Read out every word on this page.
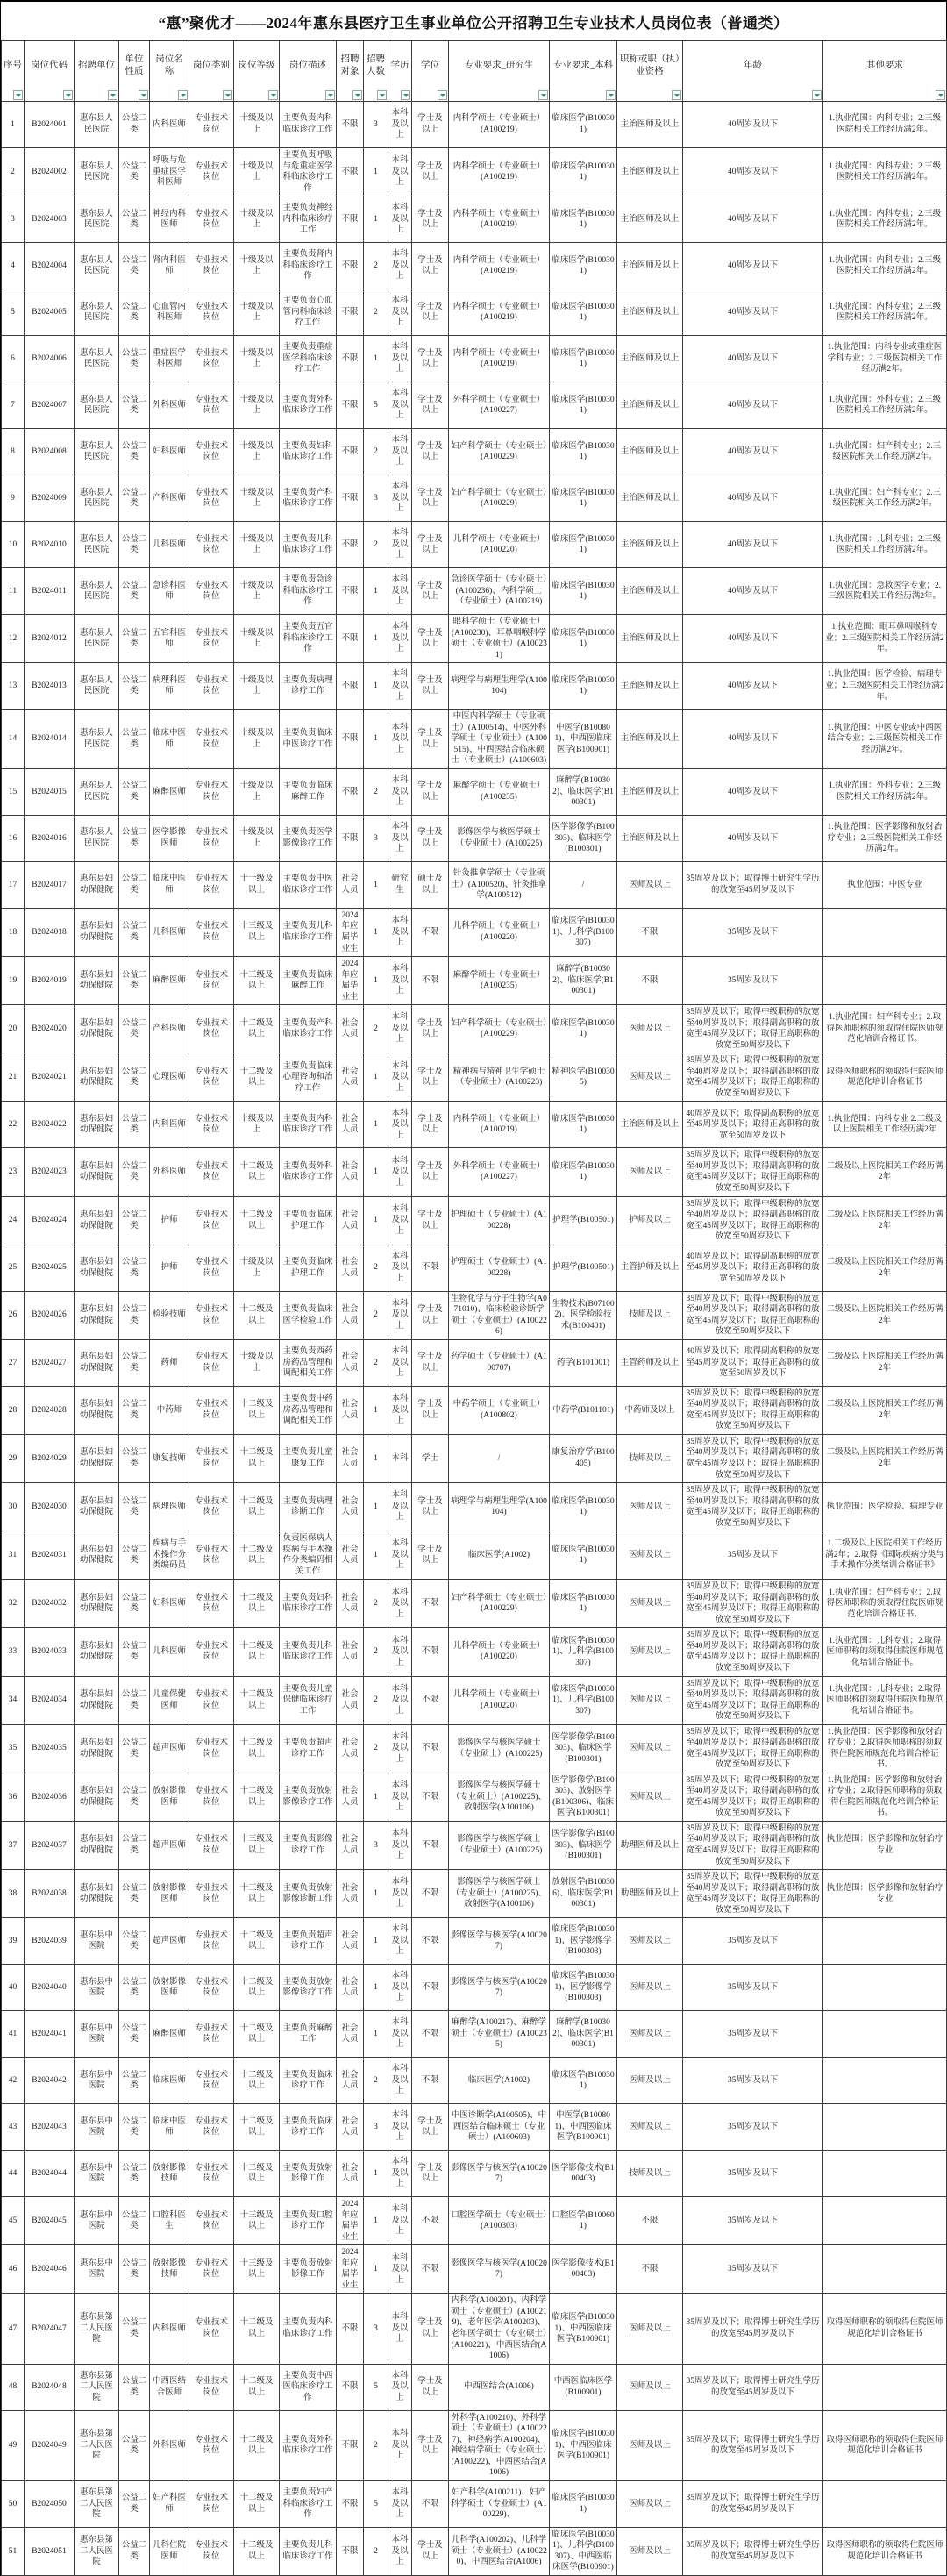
“惠”聚优才——2024年惠东县医疗卫生事业单位公开招聘卫生专业技术人员岗位表（普通类）
序号	岗位代码	招聘单位	单位性质	岗位名称	岗位类别	岗位等级	岗位描述	招聘对象	招聘人数	学历	学位	专业要求_研究生	专业要求_本科	职称或职（执）业资格	年龄	其他要求

1	B2024001	惠东县人民医院	公益二类	内科医师	专业技术岗位	十级及以上	主要负责内科临床诊疗工作	不限	3	本科及以上	学士及以上	内科学硕士（专业硕士）(A100219)	临床医学(B100301)	主治医师及以上	40周岁及以下	1.执业范围：内科专业；2.三级医院相关工作经历满2年。
2	B2024002	惠东县人民医院	公益二类	呼吸与危重症医学科医师	专业技术岗位	十级及以上	主要负责呼吸与危重症医学科临床诊疗工作	不限	1	本科及以上	学士及以上	内科学硕士（专业硕士）(A100219)	临床医学(B100301)	主治医师及以上	40周岁及以下	1.执业范围：内科专业；2.三级医院相关工作经历满2年。
3	B2024003	惠东县人民医院	公益二类	神经内科医师	专业技术岗位	十级及以上	主要负责神经内科临床诊疗工作	不限	1	本科及以上	学士及以上	内科学硕士（专业硕士）(A100219)	临床医学(B100301)	主治医师及以上	40周岁及以下	1.执业范围：内科专业；2.三级医院相关工作经历满2年。
4	B2024004	惠东县人民医院	公益二类	肾内科医师	专业技术岗位	十级及以上	主要负责肾内科临床诊疗工作	不限	2	本科及以上	学士及以上	内科学硕士（专业硕士）(A100219)	临床医学(B100301)	主治医师及以上	40周岁及以下	1.执业范围：内科专业；2.三级医院相关工作经历满2年。
5	B2024005	惠东县人民医院	公益二类	心血管内科医师	专业技术岗位	十级及以上	主要负责心血管内科临床诊疗工作	不限	2	本科及以上	学士及以上	内科学硕士（专业硕士）(A100219)	临床医学(B100301)	主治医师及以上	40周岁及以下	1.执业范围：内科专业；2.三级医院相关工作经历满2年。
6	B2024006	惠东县人民医院	公益二类	重症医学科医师	专业技术岗位	十级及以上	主要负责重症医学科临床诊疗工作	不限	1	本科及以上	学士及以上	内科学硕士（专业硕士）(A100219)	临床医学(B100301)	主治医师及以上	40周岁及以下	1.执业范围：内科专业或重症医学科专业；2.三级医院相关工作经历满2年。
7	B2024007	惠东县人民医院	公益二类	外科医师	专业技术岗位	十级及以上	主要负责外科临床诊疗工作	不限	5	本科及以上	学士及以上	外科学硕士（专业硕士）(A100227)	临床医学(B100301)	主治医师及以上	40周岁及以下	1.执业范围：外科专业；2.三级医院相关工作经历满2年。
8	B2024008	惠东县人民医院	公益二类	妇科医师	专业技术岗位	十级及以上	主要负责妇科临床诊疗工作	不限	2	本科及以上	学士及以上	妇产科学硕士（专业硕士）(A100229)	临床医学(B100301)	主治医师及以上	40周岁及以下	1.执业范围：妇产科专业；2.三级医院相关工作经历满2年。
9	B2024009	惠东县人民医院	公益二类	产科医师	专业技术岗位	十级及以上	主要负责产科临床诊疗工作	不限	3	本科及以上	学士及以上	妇产科学硕士（专业硕士）(A100229)	临床医学(B100301)	主治医师及以上	40周岁及以下	1.执业范围：妇产科专业；2.三级医院相关工作经历满2年。
10	B2024010	惠东县人民医院	公益二类	儿科医师	专业技术岗位	十级及以上	主要负责儿科临床诊疗工作	不限	2	本科及以上	学士及以上	儿科学硕士（专业硕士）(A100220)	临床医学(B100301)	主治医师及以上	40周岁及以下	1.执业范围：儿科专业；2.三级医院相关工作经历满2年。
11	B2024011	惠东县人民医院	公益二类	急诊科医师	专业技术岗位	十级及以上	主要负责急诊科临床诊疗工作	不限	1	本科及以上	学士及以上	急诊医学硕士（专业硕士）(A100236)、内科学硕士（专业硕士）(A100219)	临床医学(B100301)	主治医师及以上	40周岁及以下	1.执业范围：急救医学专业；2.三级医院相关工作经历满2年。
12	B2024012	惠东县人民医院	公益二类	五官科医师	专业技术岗位	十级及以上	主要负责五官科临床诊疗工作	不限	1	本科及以上	学士及以上	眼科学硕士（专业硕士）(A100230)、耳鼻咽喉科学硕士（专业硕士）(A100231)	临床医学(B100301)	主治医师及以上	40周岁及以下	1.执业范围：眼耳鼻咽喉科专业；2.三级医院相关工作经历满2年。
13	B2024013	惠东县人民医院	公益二类	病理科医师	专业技术岗位	十级及以上	主要负责病理诊疗工作	不限	1	本科及以上	学士及以上	病理学与病理生理学(A100104)	临床医学(B100301)	主治医师及以上	40周岁及以下	1.执业范围：医学检验、病理专业；2.三级医院相关工作经历满2年。
14	B2024014	惠东县人民医院	公益二类	临床中医师	专业技术岗位	十级及以上	主要负责临床中医诊疗工作	不限	1	本科及以上	学士及以上	中医内科学硕士（专业硕士）(A100514)、中医外科学硕士（专业硕士）(A100515)、中西医结合临床硕士（专业硕士）(A100603)	中医学(B100801)、中西医临床医学(B100901)	主治医师及以上	40周岁及以下	1.执业范围：中医专业或中西医结合专业；2.三级医院相关工作经历满2年。
15	B2024015	惠东县人民医院	公益二类	麻醉医师	专业技术岗位	十级及以上	主要负责临床麻醉工作	不限	2	本科及以上	学士及以上	麻醉学硕士（专业硕士）(A100235)	麻醉学(B100302)、临床医学(B100301)	主治医师及以上	40周岁及以下	1.执业范围：外科专业；2.三级医院相关工作经历满2年。
16	B2024016	惠东县人民医院	公益二类	医学影像医师	专业技术岗位	十级及以上	主要负责医学影像诊疗工作	不限	3	本科及以上	学士及以上	影像医学与核医学硕士（专业硕士）(A100225)	医学影像学(B100303)、临床医学(B100301)	主治医师及以上	40周岁及以下	1.执业范围：医学影像和放射治疗专业；2.三级医院相关工作经历满2年。
17	B2024017	惠东县妇幼保健院	公益二类	临床中医师	专业技术岗位	十一级及以上	主要负责中医临床诊疗工作	社会人员	1	研究生	硕士及以上	针灸推拿学硕士（专业硕士）(A100520)、针灸推拿学(A100512)	/	医师及以上	35周岁及以下；取得博士研究生学历的放宽至45周岁及以下	执业范围：中医专业
18	B2024018	惠东县妇幼保健院	公益二类	儿科医师	专业技术岗位	十三级及以上	主要负责儿科临床诊疗工作	2024年应届毕业生	1	本科及以上	不限	儿科学硕士（专业硕士）(A100220)	临床医学(B100301)、儿科学(B100307)	不限	35周岁及以下	
19	B2024019	惠东县妇幼保健院	公益二类	麻醉医师	专业技术岗位	十三级及以上	主要负责临床麻醉工作	2024年应届毕业生	1	本科及以上	不限	麻醉学硕士（专业硕士）(A100235)	麻醉学(B100302)、临床医学(B100301)	不限	35周岁及以下	
20	B2024020	惠东县妇幼保健院	公益二类	产科医师	专业技术岗位	十二级及以上	主要负责产科临床诊疗工作	社会人员	2	本科及以上	学士及以上	妇产科学硕士（专业硕士）(A100229)	临床医学(B100301)	医师及以上	35周岁及以下；取得中级职称的放宽至40周岁及以下；取得副高职称的放宽至45周岁及以下；取得正高职称的放宽至50周岁及以下	1.执业范围：妇产科专业；2.取得医师职称的须取得住院医师规范化培训合格证书。
21	B2024021	惠东县妇幼保健院	公益二类	心理医师	专业技术岗位	十二级及以上	主要负责临床心理咨询和治疗工作	社会人员	1	本科及以上	学士及以上	精神病与精神卫生学硕士（专业硕士）(A100223)	精神医学(B100305)	医师及以上	35周岁及以下；取得中级职称的放宽至40周岁及以下；取得副高职称的放宽至45周岁及以下；取得正高职称的放宽至50周岁及以下	取得医师职称的须取得住院医师规范化培训合格证书
22	B2024022	惠东县妇幼保健院	公益二类	内科医师	专业技术岗位	十级及以上	主要负责内科临床诊疗工作	社会人员	1	本科及以上	学士及以上	内科学硕士（专业硕士）(A100219)	临床医学(B100301)	主治医师及以上	40周岁及以下；取得副高职称的放宽至45周岁及以下；取得正高职称的放宽至50周岁及以下	1.执业范围：内科专业 2.二级及以上医院相关工作经历满2年
23	B2024023	惠东县妇幼保健院	公益二类	外科医师	专业技术岗位	十二级及以上	主要负责外科临床诊疗工作	社会人员	1	本科及以上	学士及以上	外科学硕士（专业硕士）(A100227)	临床医学(B100301)	医师及以上	35周岁及以下；取得中级职称的放宽至40周岁及以下；取得副高职称的放宽至45周岁及以下；取得正高职称的放宽至50周岁及以下	二级及以上医院相关工作经历满2年
24	B2024024	惠东县妇幼保健院	公益二类	护师	专业技术岗位	十二级及以上	主要负责临床护理工作	社会人员	1	本科及以上	学士及以上	护理硕士（专业硕士）(A100228)	护理学(B100501)	护师及以上	35周岁及以下；取得中级职称的放宽至40周岁及以下；取得副高职称的放宽至45周岁及以下；取得正高职称的放宽至50周岁及以下	二级及以上医院相关工作经历满2年
25	B2024025	惠东县妇幼保健院	公益二类	护师	专业技术岗位	十级及以上	主要负责临床护理工作	社会人员	2	本科及以上	不限	护理硕士（专业硕士）(A100228)	护理学(B100501)	主管护师及以上	40周岁及以下；取得副高职称的放宽至45周岁及以下；取得正高职称的放宽至50周岁及以下	二级及以上医院相关工作经历满2年
26	B2024026	惠东县妇幼保健院	公益二类	检验技师	专业技术岗位	十二级及以上	主要负责临床医学检验工作	社会人员	2	本科及以上	学士及以上	生物化学与分子生物学(A071010)、临床检验诊断学硕士（专业硕士）(A100226)	生物技术(B071002)、医学检验技术(B100401)	技师及以上	35周岁及以下；取得中级职称的放宽至40周岁及以下；取得副高职称的放宽至45周岁及以下；取得正高职称的放宽至50周岁及以下	二级及以上医院相关工作经历满2年
27	B2024027	惠东县妇幼保健院	公益二类	药师	专业技术岗位	十级及以上	主要负责西药房药品管理和调配相关工作	社会人员	2	本科及以上	学士及以上	药学硕士（专业硕士）(A100707)	药学(B101001)	主管药师及以上	40周岁及以下；取得副高职称的放宽至45周岁及以下；取得正高职称的放宽至50周岁及以下	二级及以上医院相关工作经历满2年
28	B2024028	惠东县妇幼保健院	公益二类	中药师	专业技术岗位	十二级及以上	主要负责中药房药品管理和调配相关工作	社会人员	1	本科及以上	学士及以上	中药学硕士（专业硕士）(A100802)	中药学(B101101)	中药师及以上	35周岁及以下；取得中级职称的放宽至40周岁及以下；取得副高职称的放宽至45周岁及以下；取得正高职称的放宽至50周岁及以下	二级及以上医院相关工作经历满2年
29	B2024029	惠东县妇幼保健院	公益二类	康复技师	专业技术岗位	十二级及以上	主要负责儿童康复工作	社会人员	1	本科	学士	/	康复治疗学(B100405)	技师及以上	35周岁及以下；取得中级职称的放宽至40周岁及以下；取得副高职称的放宽至45周岁及以下；取得正高职称的放宽至50周岁及以下	二级及以上医院相关工作经历满2年
30	B2024030	惠东县妇幼保健院	公益二类	病理医师	专业技术岗位	十二级及以上	主要负责病理诊断工作	社会人员	1	本科及以上	学士及以上	病理学与病理生理学(A100104)	临床医学(B100301)	医师及以上	35周岁及以下；取得中级职称的放宽至40周岁及以下；取得副高职称的放宽至45周岁及以下；取得正高职称的放宽至50周岁及以下	执业范围：医学检验、病理专业
31	B2024031	惠东县妇幼保健院	公益二类	疾病与手术操作分类编码员	专业技术岗位	十二级及以上	负责医保病人疾病与手术操作分类编码相关工作	社会人员	1	本科及以上	学士及以上	临床医学(A1002)	临床医学(B100301)	医师及以上	35周岁及以下	1.二级及以上医院相关工作经历满2年；2.取得《国际疾病分类与手术操作分类培训合格证书》
32	B2024032	惠东县妇幼保健院	公益二类	妇科医师	专业技术岗位	十二级及以上	主要负责妇科临床诊疗工作	社会人员	2	本科及以上	不限	妇产科学硕士（专业硕士）(A100229)	临床医学(B100301)	医师及以上	35周岁及以下；取得中级职称的放宽至40周岁及以下；取得副高职称的放宽至45周岁及以下；取得正高职称的放宽至50周岁及以下	1.执业范围：妇产科专业；2.取得医师职称的须取得住院医师规范化培训合格证书。
33	B2024033	惠东县妇幼保健院	公益二类	儿科医师	专业技术岗位	十二级及以上	主要负责儿科临床诊疗工作	社会人员	2	本科及以上	不限	儿科学硕士（专业硕士）(A100220)	临床医学(B100301)、儿科学(B100307)	医师及以上	35周岁及以下；取得中级职称的放宽至40周岁及以下；取得副高职称的放宽至45周岁及以下；取得正高职称的放宽至50周岁及以下	1.执业范围：儿科专业；2.取得医师职称的须取得住院医师规范化培训合格证书。
34	B2024034	惠东县妇幼保健院	公益二类	儿童保健医师	专业技术岗位	十二级及以上	主要负责儿童保健临床诊疗工作	社会人员	2	本科及以上	不限	儿科学硕士（专业硕士）(A100220)	临床医学(B100301)、儿科学(B100307)	医师及以上	35周岁及以下；取得中级职称的放宽至40周岁及以下；取得副高职称的放宽至45周岁及以下；取得正高职称的放宽至50周岁及以下	1.执业范围：儿科专业；2.取得医师职称的须取得住院医师规范化培训合格证书。
35	B2024035	惠东县妇幼保健院	公益二类	超声医师	专业技术岗位	十二级及以上	主要负责超声诊疗工作	社会人员	2	本科及以上	不限	影像医学与核医学硕士（专业硕士）(A100225)	医学影像学(B100303)、临床医学(B100301)	医师及以上	35周岁及以下；取得中级职称的放宽至40周岁及以下；取得副高职称的放宽至45周岁及以下；取得正高职称的放宽至50周岁及以下	1.执业范围：医学影像和放射治疗专业；2.取得医师职称的须取得住院医师规范化培训合格证书。
36	B2024036	惠东县妇幼保健院	公益二类	放射影像医师	专业技术岗位	十二级及以上	主要负责放射影像诊疗工作	社会人员	1	本科及以上	不限	影像医学与核医学硕士（专业硕士）(A100225)、放射医学(A100106)	医学影像学(B100303)、放射医学(B100306)、临床医学(B100301)	医师及以上	35周岁及以下；取得中级职称的放宽至40周岁及以下；取得副高职称的放宽至45周岁及以下；取得正高职称的放宽至50周岁及以下	1.执业范围：医学影像和放射治疗专业；2.取得医师职称的须取得住院医师规范化培训合格证书。
37	B2024037	惠东县妇幼保健院	公益二类	超声医师	专业技术岗位	十三级及以上	主要负责影像诊疗工作	社会人员	3	本科及以上	不限	影像医学与核医学硕士（专业硕士）(A100225)	医学影像学(B100303)、临床医学(B100301)	助理医师及以上	35周岁及以下；取得中级职称的放宽至40周岁及以下；取得副高职称的放宽至45周岁及以下；取得正高职称的放宽至50周岁及以下	执业范围：医学影像和放射治疗专业
38	B2024038	惠东县妇幼保健院	公益二类	放射影像医师	专业技术岗位	十三级及以上	主要负责放射影像诊断工作	社会人员	1	本科及以上	不限	影像医学与核医学硕士（专业硕士）(A100225)、放射医学(A100106)	放射医学(B100306)、临床医学(B100301)	助理医师及以上	35周岁及以下；取得中级职称的放宽至40周岁及以下；取得副高职称的放宽至45周岁及以下；取得正高职称的放宽至50周岁及以下	执业范围：医学影像和放射治疗专业
39	B2024039	惠东县中医院	公益二类	超声医师	专业技术岗位	十二级及以上	主要负责超声诊疗工作	社会人员	1	本科及以上	不限	影像医学与核医学(A100207)	临床医学(B100301)、医学影像学(B100303)	医师及以上	35周岁及以下	
40	B2024040	惠东县中医院	公益二类	放射影像医师	专业技术岗位	十二级及以上	主要负责放射影像诊疗工作	社会人员	1	本科及以上	不限	影像医学与核医学(A100207)	临床医学(B100301)、医学影像学(B100303)	医师及以上	35周岁及以下	
41	B2024041	惠东县中医院	公益二类	麻醉医师	专业技术岗位	十二级及以上	主要负责麻醉工作	社会人员	1	本科及以上	不限	麻醉学(A100217)、麻醉学硕士（专业硕士）(A100235)	麻醉学(B100302)、临床医学(B100301)	医师及以上	35周岁及以下	
42	B2024042	惠东县中医院	公益二类	临床医师	专业技术岗位	十二级及以上	主要负责临床诊疗工作	社会人员	2	本科及以上	不限	临床医学(A1002)	临床医学(B100301)	医师及以上	35周岁及以下	
43	B2024043	惠东县中医院	公益二类	临床中医师	专业技术岗位	十二级及以上	主要负责临床诊疗工作	社会人员	3	本科及以上	学士及以上	中医诊断学(A100505)、中西医结合临床硕士（专业硕士）(A100603)	中医学(B100801)、中西医临床医学(B100901)	医师及以上	35周岁及以下	
44	B2024044	惠东县中医院	公益二类	放射影像技师	专业技术岗位	十二级及以上	主要负责放射影像工作	社会人员	1	本科及以上	学士及以上	影像医学与核医学(A100207)	医学影像技术(B100403)	技师及以上	35周岁及以下	
45	B2024045	惠东县中医院	公益二类	口腔科医生	专业技术岗位	十三级及以上	主要负责口腔诊疗工作	2024年应届毕业生	1	本科及以上	不限	口腔医学硕士（专业硕士）(A100303)	口腔医学(B100601)	不限	35周岁及以下	
46	B2024046	惠东县中医院	公益二类	放射影像技师	专业技术岗位	十三级及以上	主要负责放射影像工作	2024年应届毕业生	1	本科及以上	不限	影像医学与核医学(A100207)	医学影像技术(B100403)	不限	35周岁及以下	
47	B2024047	惠东县第二人民医院	公益二类	内科医师	专业技术岗位	十二级及以上	主要负责内科临床诊疗工作	不限	3	本科及以上	学士及以上	内科学(A100201)、内科学硕士（专业硕士）(A100219)、老年医学(A100203)、老年医学硕士（专业硕士）(A100221)、中西医结合(A1006)	临床医学(B100301)、中西医临床医学(B100901)	医师及以上	35周岁及以下；取得博士研究生学历的放宽至45周岁及以下	取得医师职称的须取得住院医师规范化培训合格证书
48	B2024048	惠东县第二人民医院	公益二类	中西医结合医师	专业技术岗位	十二级及以上	主要负责中西医临床诊疗工作	不限	5	本科及以上	学士及以上	中西医结合(A1006)	中西医临床医学(B100901)	医师及以上	35周岁及以下；取得博士研究生学历的放宽至45周岁及以下	
49	B2024049	惠东县第二人民医院	公益二类	外科医师	专业技术岗位	十二级及以上	主要负责外科临床诊疗工作	不限	2	本科及以上	学士及以上	外科学(A100210)、外科学硕士（专业硕士）(A100227)、神经病学(A100204)、神经病学硕士（专业硕士）(A100222)、中西医结合(A1006)	临床医学(B100301)、中西医临床医学(B100901)	医师及以上	35周岁及以下；取得博士研究生学历的放宽至45周岁及以下	取得医师职称的须取得住院医师规范化培训合格证书
50	B2024050	惠东县第二人民医院	公益二类	妇产科医师	专业技术岗位	十二级及以上	主要负责妇产科临床诊疗工作	不限	5	本科及以上	不限	妇产科学(A100211)、妇产科学硕士（专业硕士）(A100229)、	临床医学(B100301)	医师及以上	35周岁及以下；取得博士研究生学历的放宽至45周岁及以下	
51	B2024051	惠东县第二人民医院	公益二类	儿科住院医师	专业技术岗位	十二级及以上	主要负责儿科临床诊疗工作	不限	2	本科及以上	学士及以上	儿科学(A100202)、儿科学硕士（专业硕士）(A100220)、中西医结合(A1006)	临床医学(B100301)、儿科学(B100307)、中西医临床医学(B100901)	医师及以上	35周岁及以下；取得博士研究生学历的放宽至45周岁及以下	取得医师职称的须取得住院医师规范化培训合格证书
